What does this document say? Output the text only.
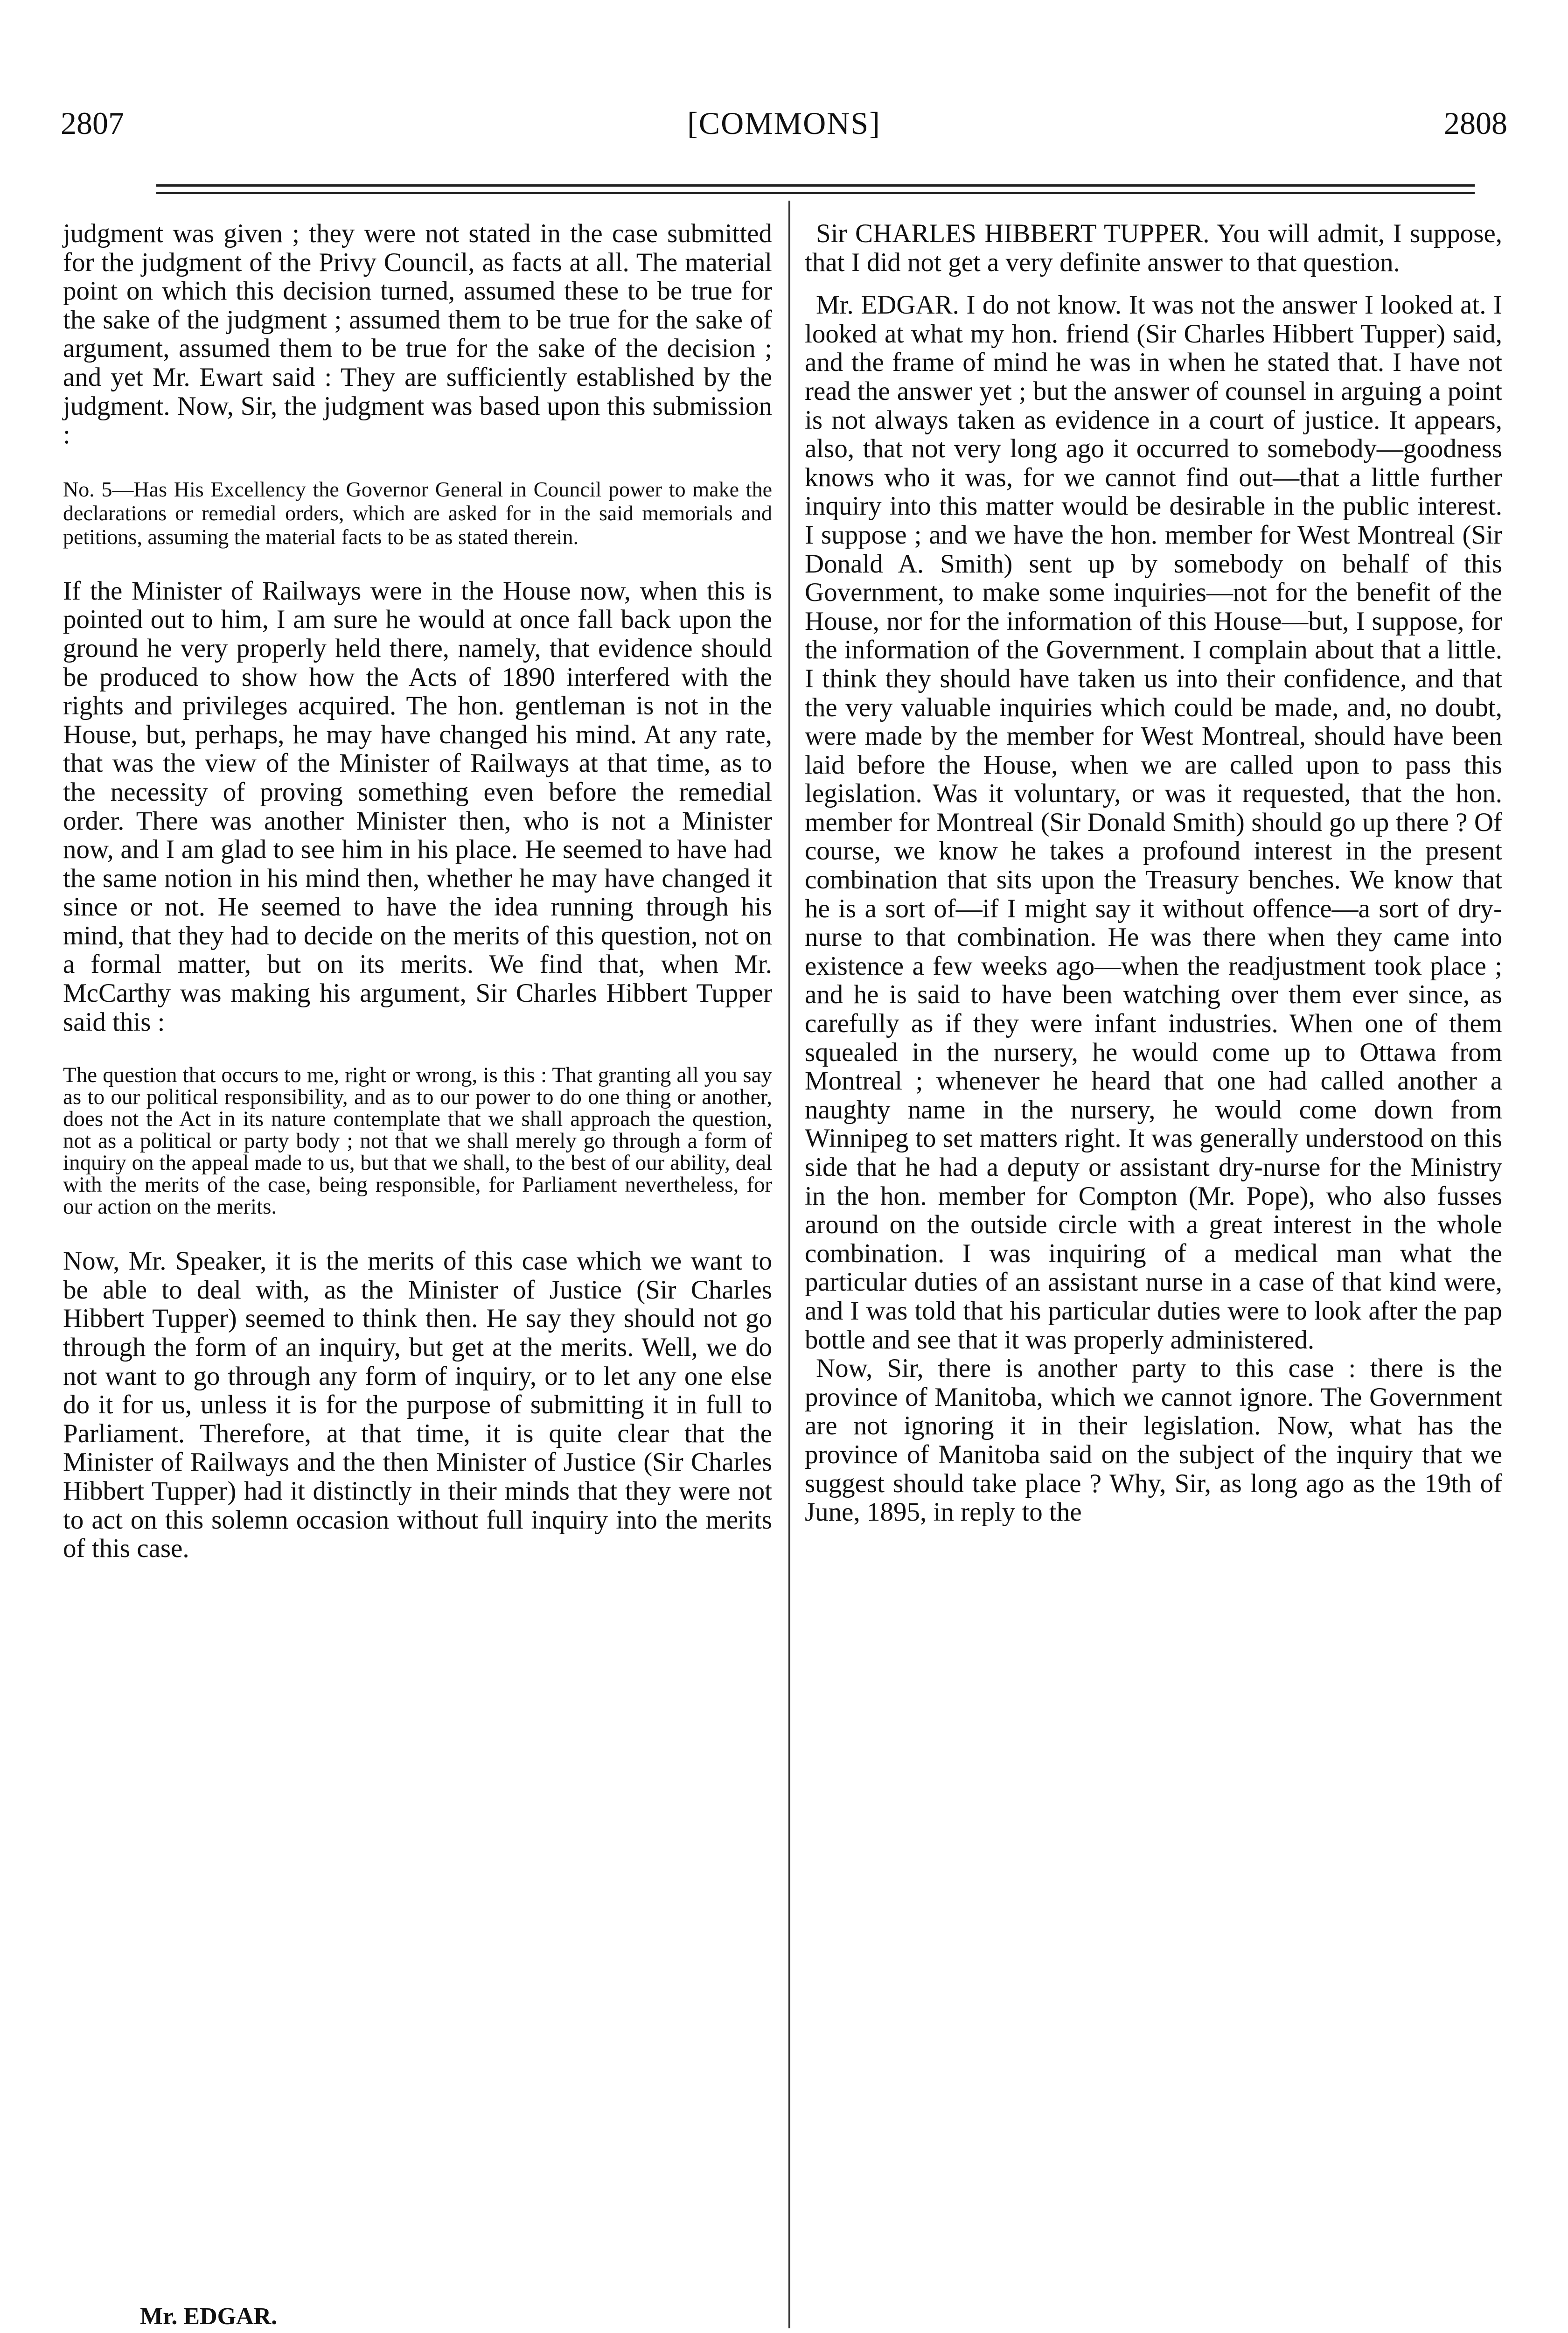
2807	[COMMONS]	2808

judgment was given ; they were not stated in the case submitted for the judgment of the Privy Council, as facts at all. The material point on which this decision turned, assumed these to be true for the sake of the judgment ; assumed them to be true for the sake of argument, assumed them to be true for the sake of the decision ; and yet Mr. Ewart said : They are sufficiently established by the judgment. Now, Sir, the judgment was based upon this submission :

No. 5—Has His Excellency the Governor General in Council power to make the declarations or remedial orders, which are asked for in the said memorials and petitions, assuming the material facts to be as stated therein.

If the Minister of Railways were in the House now, when this is pointed out to him, I am sure he would at once fall back upon the ground he very properly held there, namely, that evidence should be produced to show how the Acts of 1890 interfered with the rights and privileges acquired. The hon. gentleman is not in the House, but, perhaps, he may have changed his mind. At any rate, that was the view of the Minister of Railways at that time, as to the necessity of proving something even before the remedial order. There was another Minister then, who is not a Minister now, and I am glad to see him in his place. He seemed to have had the same notion in his mind then, whether he may have changed it since or not. He seemed to have the idea running through his mind, that they had to decide on the merits of this question, not on a formal matter, but on its merits. We find that, when Mr. McCarthy was making his argument, Sir Charles Hibbert Tupper said this :

The question that occurs to me, right or wrong, is this : That granting all you say as to our political responsibility, and as to our power to do one thing or another, does not the Act in its nature contemplate that we shall approach the question, not as a political or party body ; not that we shall merely go through a form of inquiry on the appeal made to us, but that we shall, to the best of our ability, deal with the merits of the case, being responsible, for Parliament nevertheless, for our action on the merits.

Now, Mr. Speaker, it is the merits of this case which we want to be able to deal with, as the Minister of Justice (Sir Charles Hibbert Tupper) seemed to think then. He say they should not go through the form of an inquiry, but get at the merits. Well, we do not want to go through any form of inquiry, or to let any one else do it for us, unless it is for the purpose of submitting it in full to Parliament. Therefore, at that time, it is quite clear that the Minister of Railways and the then Minister of Justice (Sir Charles Hibbert Tupper) had it distinctly in their minds that they were not to act on this solemn occasion without full inquiry into the merits of this case.

Mr. EDGAR.

Sir CHARLES HIBBERT TUPPER. You will admit, I suppose, that I did not get a very definite answer to that question.

Mr. EDGAR. I do not know. It was not the answer I looked at. I looked at what my hon. friend (Sir Charles Hibbert Tupper) said, and the frame of mind he was in when he stated that. I have not read the answer yet ; but the answer of counsel in arguing a point is not always taken as evidence in a court of justice. It appears, also, that not very long ago it occurred to somebody—goodness knows who it was, for we cannot find out—that a little further inquiry into this matter would be desirable in the public interest. I suppose ; and we have the hon. member for West Montreal (Sir Donald A. Smith) sent up by somebody on behalf of this Government, to make some inquiries—not for the benefit of the House, nor for the information of this House—but, I suppose, for the information of the Government. I complain about that a little. I think they should have taken us into their confidence, and that the very valuable inquiries which could be made, and, no doubt, were made by the member for West Montreal, should have been laid before the House, when we are called upon to pass this legislation. Was it voluntary, or was it requested, that the hon. member for Montreal (Sir Donald Smith) should go up there ? Of course, we know he takes a profound interest in the present combination that sits upon the Treasury benches. We know that he is a sort of—if I might say it without offence—a sort of dry-nurse to that combination. He was there when they came into existence a few weeks ago—when the readjustment took place ; and he is said to have been watching over them ever since, as carefully as if they were infant industries. When one of them squealed in the nursery, he would come up to Ottawa from Montreal ; whenever he heard that one had called another a naughty name in the nursery, he would come down from Winnipeg to set matters right. It was generally understood on this side that he had a deputy or assistant dry-nurse for the Ministry in the hon. member for Compton (Mr. Pope), who also fusses around on the outside circle with a great interest in the whole combination. I was inquiring of a medical man what the particular duties of an assistant nurse in a case of that kind were, and I was told that his particular duties were to look after the pap bottle and see that it was properly administered.

Now, Sir, there is another party to this case : there is the province of Manitoba, which we cannot ignore. The Government are not ignoring it in their legislation. Now, what has the province of Manitoba said on the subject of the inquiry that we suggest should take place ? Why, Sir, as long ago as the 19th of June, 1895, in reply to the
